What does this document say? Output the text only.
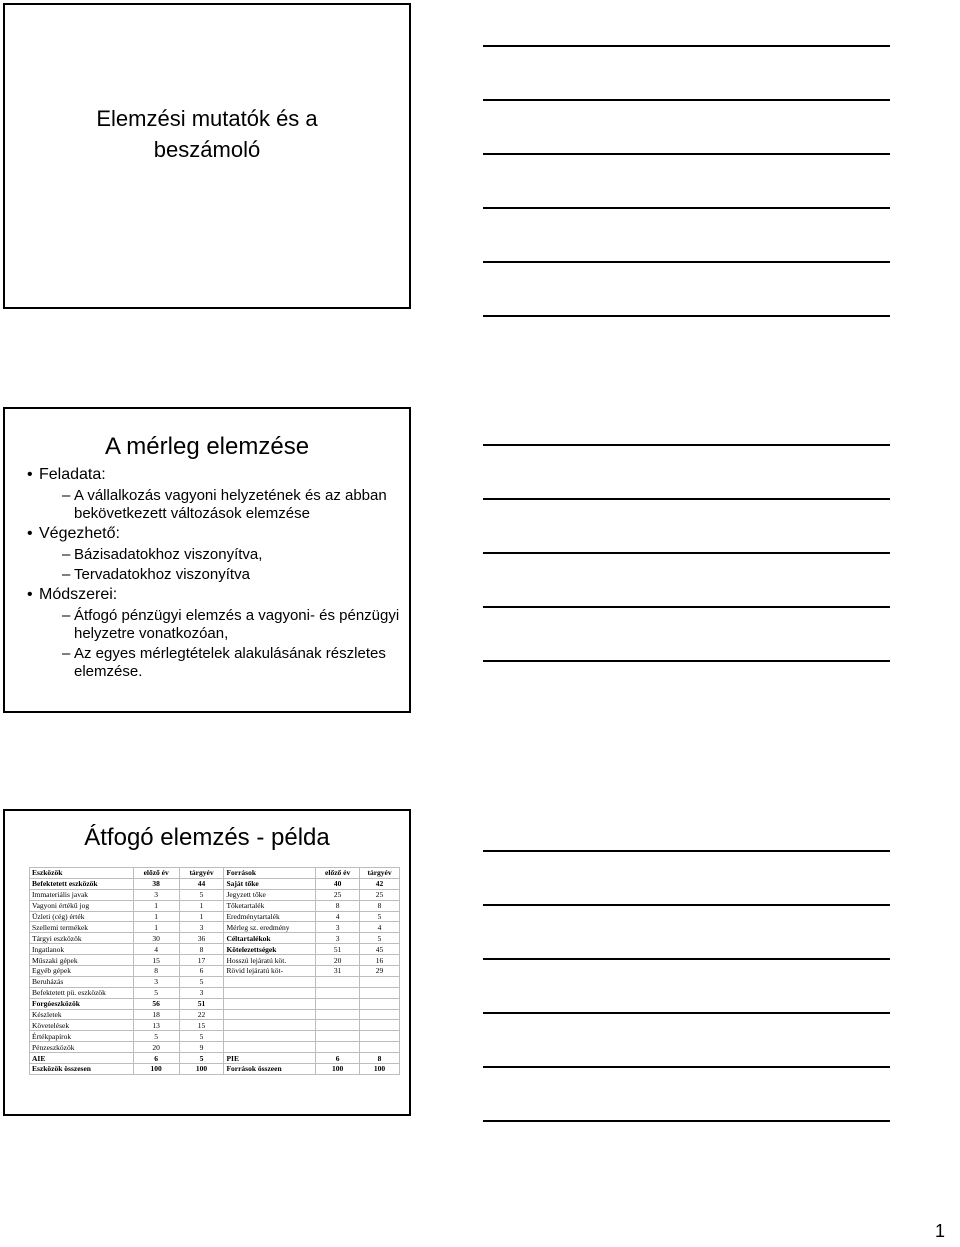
Elemzési mutatók és a
beszámoló
A mérleg elemzése
• Feladata:
– A vállalkozás vagyoni helyzetének és az abban bekövetkezett változások elemzése
• Végezhető:
– Bázisadatokhoz viszonyítva,
– Tervadatokhoz viszonyítva
• Módszerei:
– Átfogó pénzügyi elemzés a vagyoni- és pénzügyi helyzetre vonatkozóan,
– Az egyes mérlegtételek alakulásának részletes elemzése.
Átfogó elemzés - példa
Eszközök	előző év	tárgyév	Források	előző év	tárgyév
Befektetett eszközök	38	44	Saját tőke	40	42
Immateriális javak	3	5	Jegyzett tőke	25	25
Vagyoni értékű jog	1	1	Tőketartalék	8	8
Üzleti (cég) érték	1	1	Eredménytartalék	4	5
Szellemi termékek	1	3	Mérleg sz. eredmény	3	4
Tárgyi eszközök	30	36	Céltartalékok	3	5
Ingatlanok	4	8	Kötelezettségek	51	45
Műszaki gépek	15	17	Hosszú lejáratú köt.	20	16
Egyéb gépek	8	6	Rövid lejáratú köt-	31	29
Beruházás	3	5			
Befektetett pü. eszközök	5	3			
Forgóeszközök	56	51			
Készletek	18	22			
Követelések	13	15			
Értékpapírok	5	5			
Pénzeszközök	20	9			
AIE	6	5	PIE	6	8
Eszközök összesen	100	100	Források összeen	100	100
1
